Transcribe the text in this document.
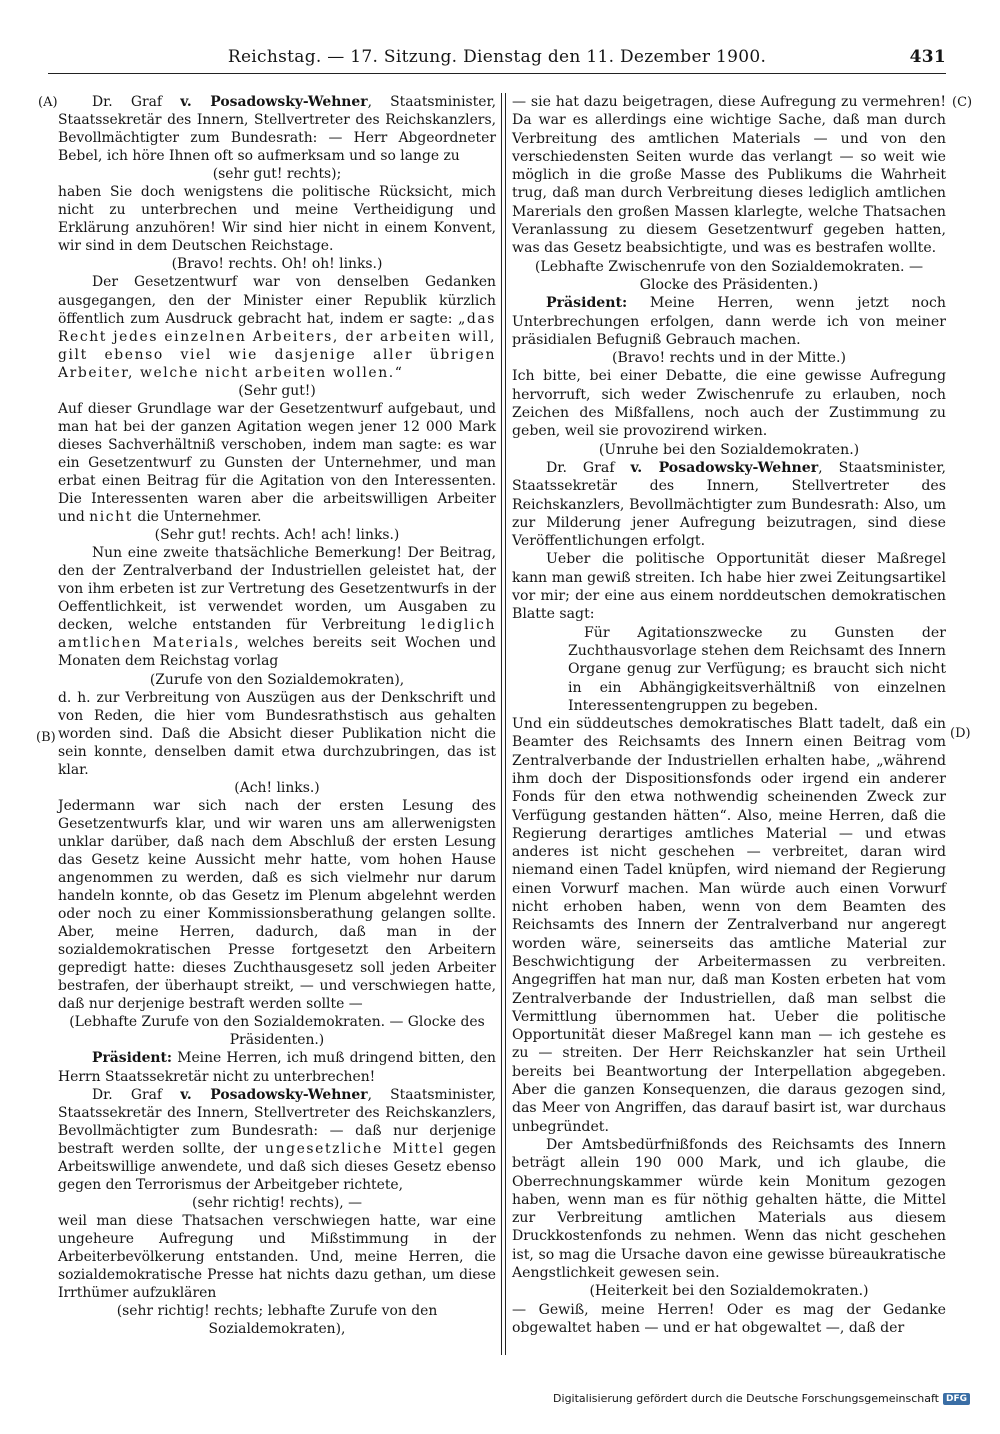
Reichstag. — 17. Sitzung. Dienstag den 11. Dezember 1900.	431
(A)
(B)
(C)
(D)

Dr. Graf v. Posadowsky-Wehner, Staatsminister, Staatssekretär des Innern, Stellvertreter des Reichskanzlers, Bevollmächtigter zum Bundesrath: — Herr Abgeordneter Bebel, ich höre Ihnen oft so aufmerksam und so lange zu

(sehr gut! rechts);

haben Sie doch wenigstens die politische Rücksicht, mich nicht zu unterbrechen und meine Vertheidigung und Erklärung anzuhören! Wir sind hier nicht in einem Konvent, wir sind in dem Deutschen Reichstage.

(Bravo! rechts. Oh! oh! links.)

Der Gesetzentwurf war von denselben Gedanken ausgegangen, den der Minister einer Republik kürzlich öffentlich zum Ausdruck gebracht hat, indem er sagte: „das Recht jedes einzelnen Arbeiters, der arbeiten will, gilt ebenso viel wie dasjenige aller übrigen Arbeiter, welche nicht arbeiten wollen.“

(Sehr gut!)

Auf dieser Grundlage war der Gesetzentwurf aufgebaut, und man hat bei der ganzen Agitation wegen jener 12 000 Mark dieses Sachverhältniß verschoben, indem man sagte: es war ein Gesetzentwurf zu Gunsten der Unternehmer, und man erbat einen Beitrag für die Agitation von den Interessenten. Die Interessenten waren aber die arbeitswilligen Arbeiter und nicht die Unternehmer.

(Sehr gut! rechts. Ach! ach! links.)

Nun eine zweite thatsächliche Bemerkung! Der Beitrag, den der Zentralverband der Industriellen geleistet hat, der von ihm erbeten ist zur Vertretung des Gesetzentwurfs in der Oeffentlichkeit, ist verwendet worden, um Ausgaben zu decken, welche entstanden für Verbreitung lediglich amtlichen Materials, welches bereits seit Wochen und Monaten dem Reichstag vorlag

(Zurufe von den Sozialdemokraten),

d. h. zur Verbreitung von Auszügen aus der Denkschrift und von Reden, die hier vom Bundesrathstisch aus gehalten worden sind. Daß die Absicht dieser Publikation nicht die sein konnte, denselben damit etwa durchzubringen, das ist klar.

(Ach! links.)

Jedermann war sich nach der ersten Lesung des Gesetzentwurfs klar, und wir waren uns am allerwenigsten unklar darüber, daß nach dem Abschluß der ersten Lesung das Gesetz keine Aussicht mehr hatte, vom hohen Hause angenommen zu werden, daß es sich vielmehr nur darum handeln konnte, ob das Gesetz im Plenum abgelehnt werden oder noch zu einer Kommissionsberathung gelangen sollte. Aber, meine Herren, dadurch, daß man in der sozialdemokratischen Presse fortgesetzt den Arbeitern gepredigt hatte: dieses Zuchthausgesetz soll jeden Arbeiter bestrafen, der überhaupt streikt, — und verschwiegen hatte, daß nur derjenige bestraft werden sollte —

(Lebhafte Zurufe von den Sozialdemokraten. — Glocke des Präsidenten.)

Präsident: Meine Herren, ich muß dringend bitten, den Herrn Staatssekretär nicht zu unterbrechen!

Dr. Graf v. Posadowsky-Wehner, Staatsminister, Staatssekretär des Innern, Stellvertreter des Reichskanzlers, Bevollmächtigter zum Bundesrath: — daß nur derjenige bestraft werden sollte, der ungesetzliche Mittel gegen Arbeitswillige anwendete, und daß sich dieses Gesetz ebenso gegen den Terrorismus der Arbeitgeber richtete,

(sehr richtig! rechts), —

weil man diese Thatsachen verschwiegen hatte, war eine ungeheure Aufregung und Mißstimmung in der Arbeiterbevölkerung entstanden. Und, meine Herren, die sozialdemokratische Presse hat nichts dazu gethan, um diese Irrthümer aufzuklären

(sehr richtig! rechts; lebhafte Zurufe von den Sozialdemokraten),

— sie hat dazu beigetragen, diese Aufregung zu vermehren! Da war es allerdings eine wichtige Sache, daß man durch Verbreitung des amtlichen Materials — und von den verschiedensten Seiten wurde das verlangt — so weit wie möglich in die große Masse des Publikums die Wahrheit trug, daß man durch Verbreitung dieses lediglich amtlichen Marerials den großen Massen klarlegte, welche Thatsachen Veranlassung zu diesem Gesetzentwurf gegeben hatten, was das Gesetz beabsichtigte, und was es bestrafen wollte.

(Lebhafte Zwischenrufe von den Sozialdemokraten. — Glocke des Präsidenten.)

Präsident: Meine Herren, wenn jetzt noch Unterbrechungen erfolgen, dann werde ich von meiner präsidialen Befugniß Gebrauch machen.

(Bravo! rechts und in der Mitte.)

Ich bitte, bei einer Debatte, die eine gewisse Aufregung hervorruft, sich weder Zwischenrufe zu erlauben, noch Zeichen des Mißfallens, noch auch der Zustimmung zu geben, weil sie provozirend wirken.

(Unruhe bei den Sozialdemokraten.)

Dr. Graf v. Posadowsky-Wehner, Staatsminister, Staatssekretär des Innern, Stellvertreter des Reichskanzlers, Bevollmächtigter zum Bundesrath: Also, um zur Milderung jener Aufregung beizutragen, sind diese Veröffentlichungen erfolgt.

Ueber die politische Opportunität dieser Maßregel kann man gewiß streiten. Ich habe hier zwei Zeitungsartikel vor mir; der eine aus einem norddeutschen demokratischen Blatte sagt:

Für Agitationszwecke zu Gunsten der Zuchthausvorlage stehen dem Reichsamt des Innern Organe genug zur Verfügung; es braucht sich nicht in ein Abhängigkeitsverhältniß von einzelnen Interessentengruppen zu begeben.

Und ein süddeutsches demokratisches Blatt tadelt, daß ein Beamter des Reichsamts des Innern einen Beitrag vom Zentralverbande der Industriellen erhalten habe, „während ihm doch der Dispositionsfonds oder irgend ein anderer Fonds für den etwa nothwendig scheinenden Zweck zur Verfügung gestanden hätten“. Also, meine Herren, daß die Regierung derartiges amtliches Material — und etwas anderes ist nicht geschehen — verbreitet, daran wird niemand einen Tadel knüpfen, wird niemand der Regierung einen Vorwurf machen. Man würde auch einen Vorwurf nicht erhoben haben, wenn von dem Beamten des Reichsamts des Innern der Zentralverband nur angeregt worden wäre, seinerseits das amtliche Material zur Beschwichtigung der Arbeitermassen zu verbreiten. Angegriffen hat man nur, daß man Kosten erbeten hat vom Zentralverbande der Industriellen, daß man selbst die Vermittlung übernommen hat. Ueber die politische Opportunität dieser Maßregel kann man — ich gestehe es zu — streiten. Der Herr Reichskanzler hat sein Urtheil bereits bei Beantwortung der Interpellation abgegeben. Aber die ganzen Konsequenzen, die daraus gezogen sind, das Meer von Angriffen, das darauf basirt ist, war durchaus unbegründet.

Der Amtsbedürfnißfonds des Reichsamts des Innern beträgt allein 190 000 Mark, und ich glaube, die Oberrechnungskammer würde kein Monitum gezogen haben, wenn man es für nöthig gehalten hätte, die Mittel zur Verbreitung amtlichen Materials aus diesem Druckkostenfonds zu nehmen. Wenn das nicht geschehen ist, so mag die Ursache davon eine gewisse büreaukratische Aengstlichkeit gewesen sein.

(Heiterkeit bei den Sozialdemokraten.)

— Gewiß, meine Herren! Oder es mag der Gedanke obgewaltet haben — und er hat obgewaltet —, daß der

Digitalisierung gefördert durch die Deutsche Forschungsgemeinschaft DFG
